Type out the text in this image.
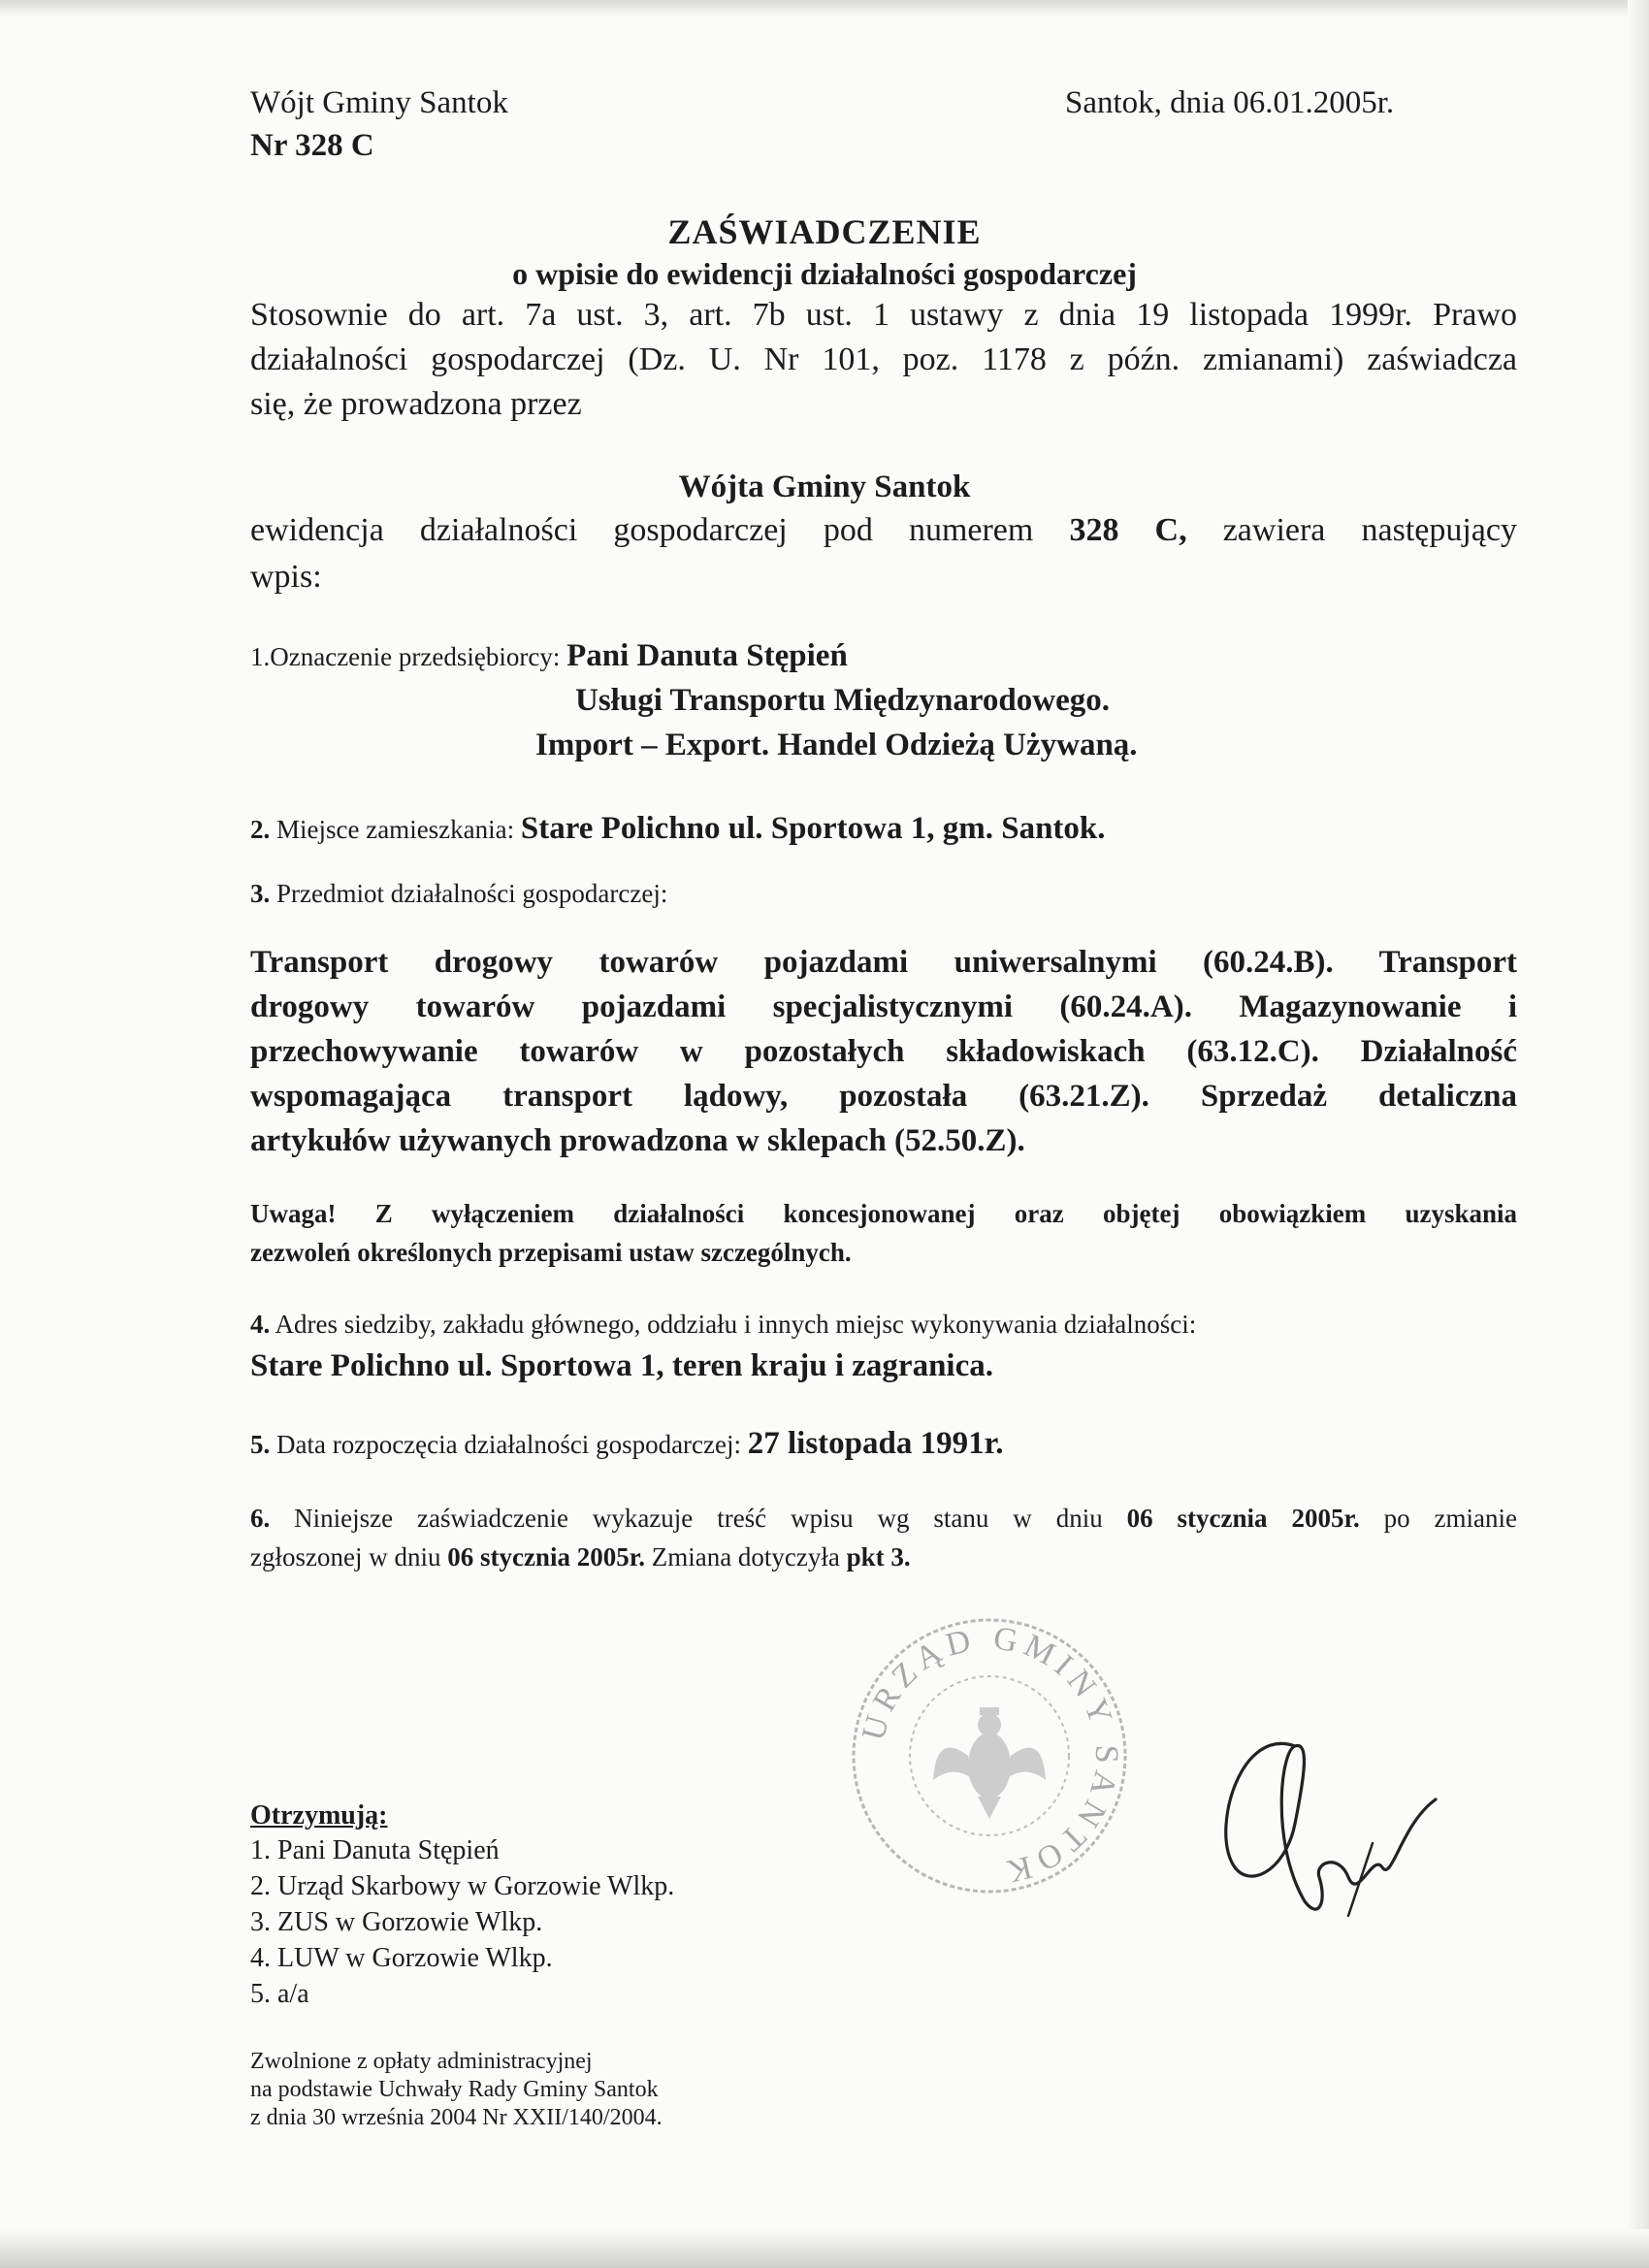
Wójt Gminy Santok
Nr 328 C
Santok, dnia 06.01.2005r.
ZAŚWIADCZENIE
o wpisie do ewidencji działalności gospodarczej
Stosownie do art. 7a ust. 3, art. 7b ust. 1 ustawy z dnia 19 listopada 1999r. Prawo
działalności gospodarczej (Dz. U. Nr 101, poz. 1178 z późn. zmianami) zaświadcza
się, że prowadzona przez
Wójta Gminy Santok
ewidencja działalności gospodarczej pod numerem 328 C, zawiera następujący
wpis:
1.Oznaczenie przedsiębiorcy: Pani Danuta Stępień
Usługi Transportu Międzynarodowego.
Import – Export. Handel Odzieżą Używaną.
2. Miejsce zamieszkania: Stare Polichno ul. Sportowa 1, gm. Santok.
3. Przedmiot działalności gospodarczej:
Transport drogowy towarów pojazdami uniwersalnymi (60.24.B). Transport
drogowy towarów pojazdami specjalistycznymi (60.24.A). Magazynowanie i
przechowywanie towarów w pozostałych składowiskach (63.12.C). Działalność
wspomagająca transport lądowy, pozostała (63.21.Z). Sprzedaż detaliczna
artykułów używanych prowadzona w sklepach (52.50.Z).
Uwaga! Z wyłączeniem działalności koncesjonowanej oraz objętej obowiązkiem uzyskania
zezwoleń określonych przepisami ustaw szczególnych.
4. Adres siedziby, zakładu głównego, oddziału i innych miejsc wykonywania działalności:
Stare Polichno ul. Sportowa 1, teren kraju i zagranica.
5. Data rozpoczęcia działalności gospodarczej: 27 listopada 1991r.
6. Niniejsze zaświadczenie wykazuje treść wpisu wg stanu w dniu 06 stycznia 2005r. po zmianie
zgłoszonej w dniu 06 stycznia 2005r. Zmiana dotyczyła pkt 3.
URZĄD GMINY SANTOK
Otrzymują:
1. Pani Danuta Stępień
2. Urząd Skarbowy w Gorzowie Wlkp.
3. ZUS w Gorzowie Wlkp.
4. LUW w Gorzowie Wlkp.
5. a/a
Zwolnione z opłaty administracyjnej
na podstawie Uchwały Rady Gminy Santok
z dnia 30 września 2004 Nr XXII/140/2004.
